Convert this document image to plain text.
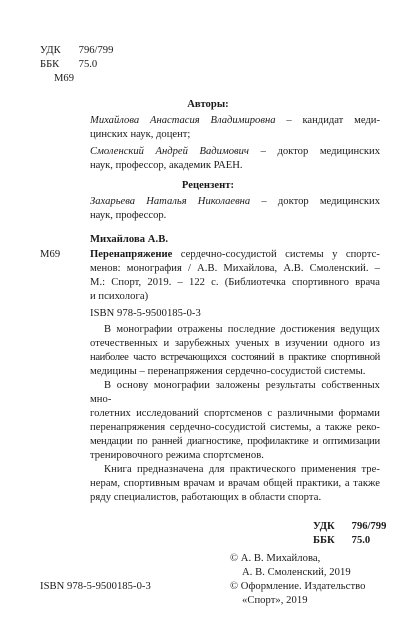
УДК 796/799
ББК 75.0
М69
Авторы:
Михайлова Анастасия Владимировна – кандидат меди-
цинских наук, доцент;
Смоленский Андрей Вадимович – доктор медицинских
наук, профессор, академик РАЕН.
Рецензент:
Захарьева Наталья Николаевна – доктор медицинских
наук, профессор.
М69
Михайлова А.В.
Перенапряжение сердечно-сосудистой системы у спортс-
менов: монография / А.В. Михайлова, А.В. Смоленский. –
М.: Спорт, 2019. – 122 с. (Библиотечка спортивного врача
и психолога)
ISBN 978-5-9500185-0-3
В монографии отражены последние достижения ведущих
отечественных и зарубежных ученых в изучении одного из
наиболее часто встречающихся состояний в практике спортивной
медицины – перенапряжения сердечно-сосудистой системы.
В основу монографии заложены результаты собственных мно-
голетних исследований спортсменов с различными формами
перенапряжения сердечно-сосудистой системы, а также реко-
мендации по ранней диагностике, профилактике и оптимизации
тренировочного режима спортсменов.
Книга предназначена для практического применения тре-
нерам, спортивным врачам и врачам общей практики, а также
ряду специалистов, работающих в области спорта.
УДК 796/799
ББК 75.0
© А. В. Михайлова,
А. В. Смоленский, 2019
© Оформление. Издательство
«Спорт», 2019
ISBN 978-5-9500185-0-3
